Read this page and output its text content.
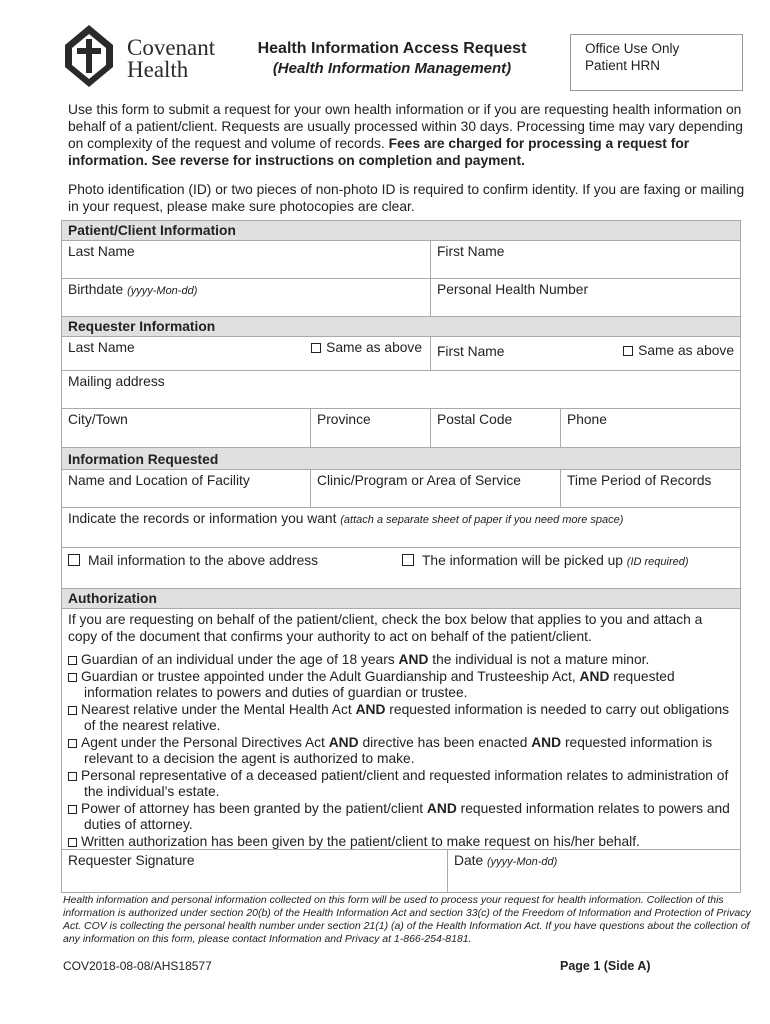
Covenant
Health
Health Information Access Request
(Health Information Management)
Office Use Only
Patient HRN
Use this form to submit a request for your own health information or if you are requesting health information on behalf of a patient/client. Requests are usually processed within 30 days. Processing time may vary depending on complexity of the request and volume of records. Fees are charged for processing a request for information. See reverse for instructions on completion and payment.
Photo identification (ID) or two pieces of non-photo ID is required to confirm identity. If you are faxing or mailing in your request, please make sure photocopies are clear.
Patient/Client Information
Last Name	First Name
Birthdate (yyyy-Mon-dd)	Personal Health Number
Requester Information
Last Name	Same as above	First Name	Same as above
Mailing address
City/Town	Province	Postal Code	Phone
Information Requested
Name and Location of Facility	Clinic/Program or Area of Service	Time Period of Records
Indicate the records or information you want (attach a separate sheet of paper if you need more space)
Mail information to the above address	The information will be picked up (ID required)
Authorization
If you are requesting on behalf of the patient/client, check the box below that applies to you and attach a copy of the document that confirms your authority to act on behalf of the patient/client.
Guardian of an individual under the age of 18 years AND the individual is not a mature minor.
Guardian or trustee appointed under the Adult Guardianship and Trusteeship Act, AND requested information relates to powers and duties of guardian or trustee.
Nearest relative under the Mental Health Act AND requested information is needed to carry out obligations of the nearest relative.
Agent under the Personal Directives Act AND directive has been enacted AND requested information is relevant to a decision the agent is authorized to make.
Personal representative of a deceased patient/client and requested information relates to administration of the individual’s estate.
Power of attorney has been granted by the patient/client AND requested information relates to powers and duties of attorney.
Written authorization has been given by the patient/client to make request on his/her behalf.
Requester Signature	Date (yyyy-Mon-dd)
Health information and personal information collected on this form will be used to process your request for health information. Collection of this information is authorized under section 20(b) of the Health Information Act and section 33(c) of the Freedom of Information and Protection of Privacy Act. COV is collecting the personal health number under section 21(1) (a) of the Health Information Act. If you have questions about the collection of any information on this form, please contact Information and Privacy at 1-866-254-8181.
COV2018-08-08/AHS18577	Page 1 (Side A)
